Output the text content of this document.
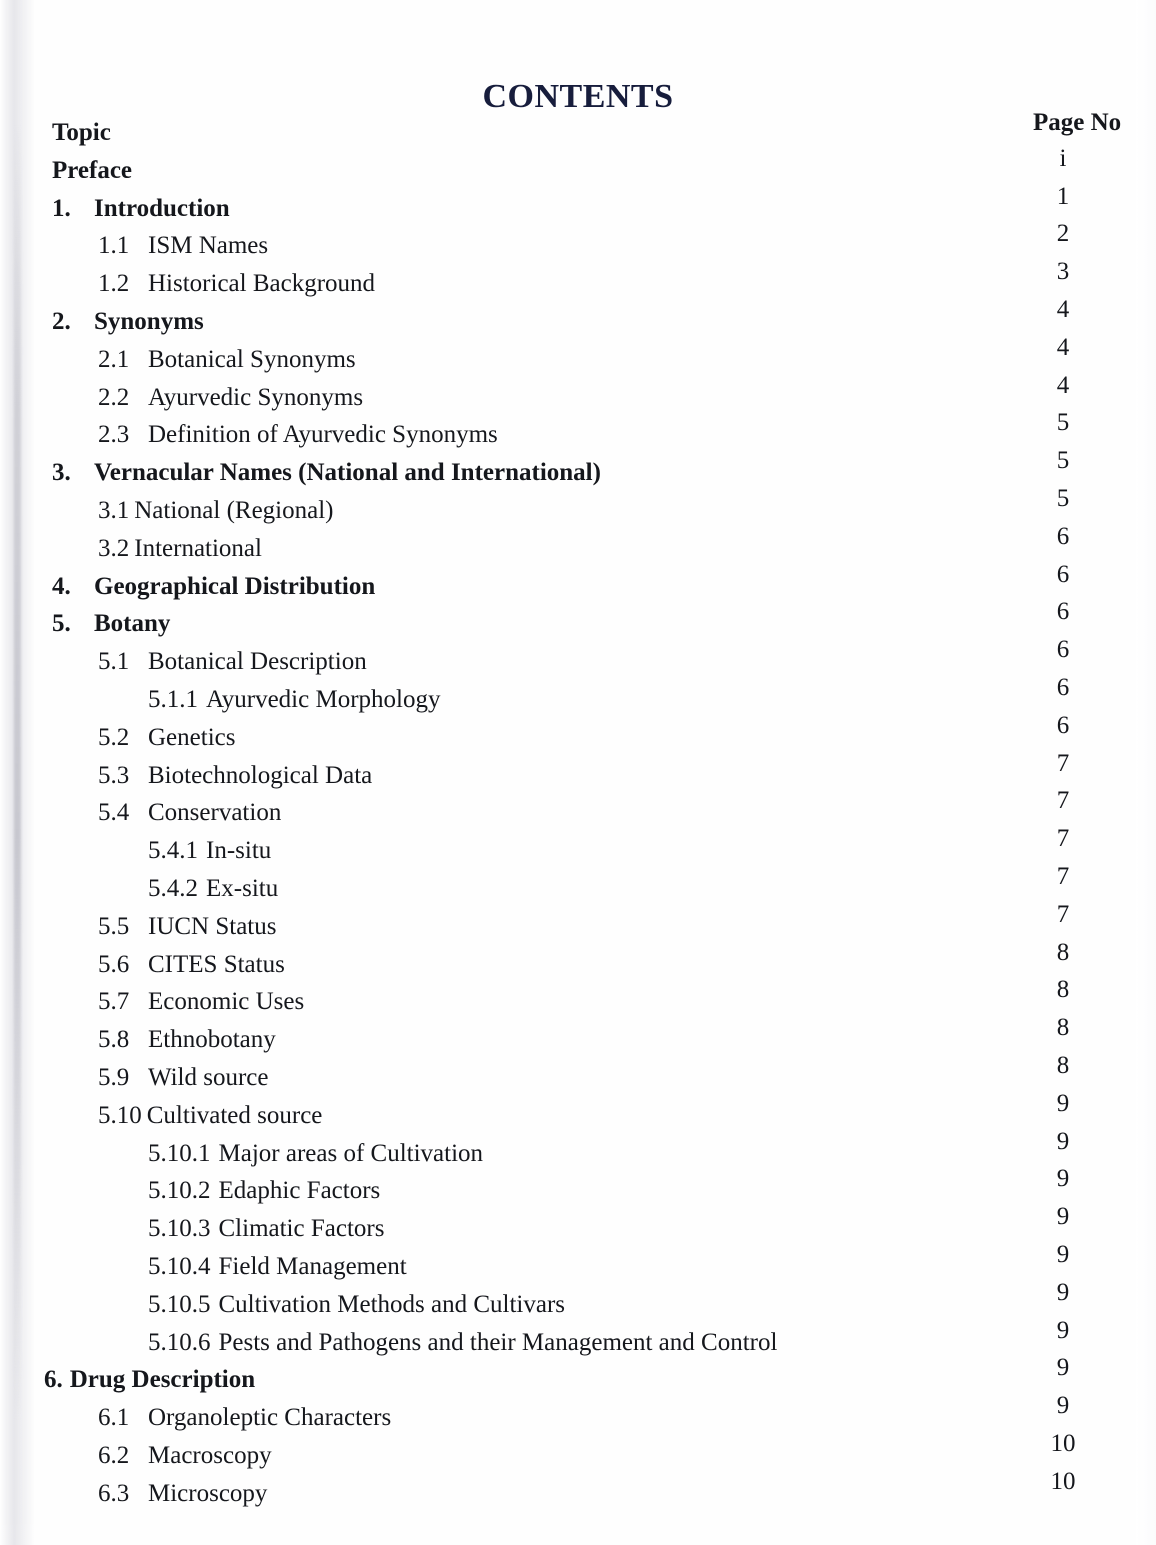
CONTENTS
Topic	Page No
Preface	i
1. Introduction	1
1.1 ISM Names	2
1.2 Historical Background	3
2. Synonyms	4
2.1 Botanical Synonyms	4
2.2 Ayurvedic Synonyms	4
2.3 Definition of Ayurvedic Synonyms	5
3. Vernacular Names (National and International)	5
3.1 National (Regional)	5
3.2 International	6
4. Geographical Distribution	6
5. Botany	6
5.1 Botanical Description	6
5.1.1 Ayurvedic Morphology	6
5.2 Genetics	6
5.3 Biotechnological Data	7
5.4 Conservation	7
5.4.1 In-situ	7
5.4.2 Ex-situ	7
5.5 IUCN Status	7
5.6 CITES Status	8
5.7 Economic Uses	8
5.8 Ethnobotany	8
5.9 Wild source	8
5.10 Cultivated source	9
5.10.1 Major areas of Cultivation	9
5.10.2 Edaphic Factors	9
5.10.3 Climatic Factors	9
5.10.4 Field Management	9
5.10.5 Cultivation Methods and Cultivars	9
5.10.6 Pests and Pathogens and their Management and Control	9
6. Drug Description	9
6.1 Organoleptic Characters	9
6.2 Macroscopy	10
6.3 Microscopy	10
